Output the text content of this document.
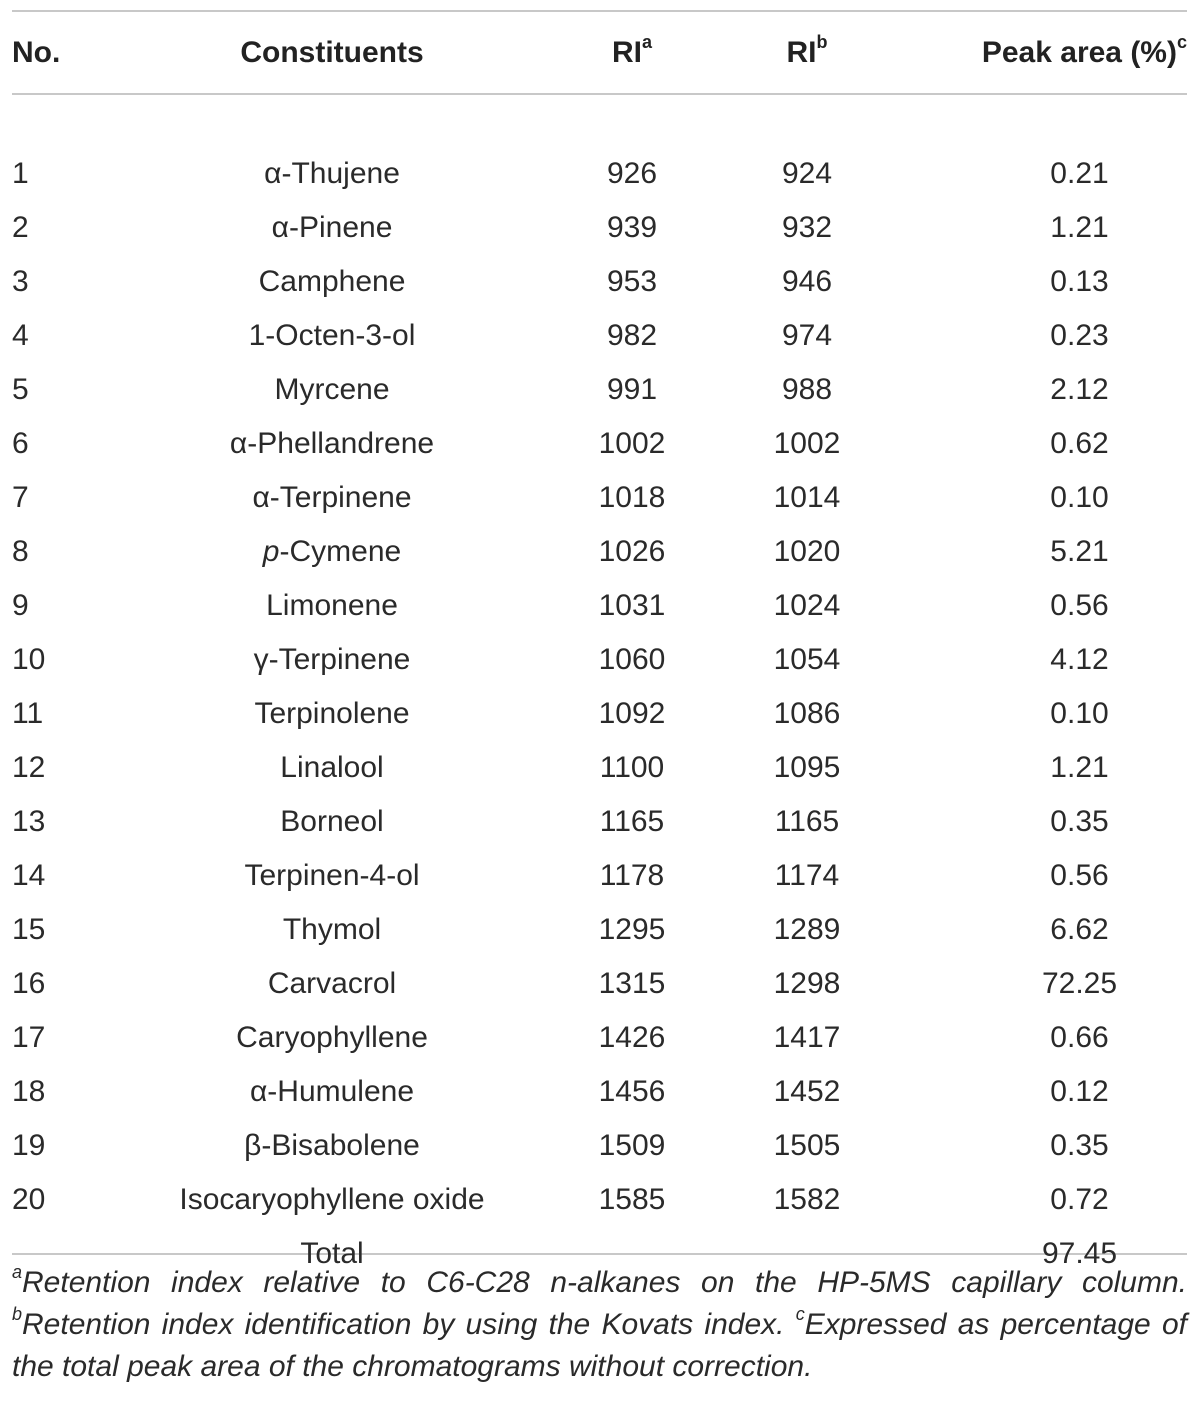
No.	Constituents	$RI^a$	$RI^b$	Peak area (%)$^c$

1	α-Thujene	926	924	0.21
2	α-Pinene	939	932	1.21
3	Camphene	953	946	0.13
4	1-Octen-3-ol	982	974	0.23
5	Myrcene	991	988	2.12
6	α-Phellandrene	1002	1002	0.62
7	α-Terpinene	1018	1014	0.10
8	p-Cymene	1026	1020	5.21
9	Limonene	1031	1024	0.56
10	γ-Terpinene	1060	1054	4.12
11	Terpinolene	1092	1086	0.10
12	Linalool	1100	1095	1.21
13	Borneol	1165	1165	0.35
14	Terpinen-4-ol	1178	1174	0.56
15	Thymol	1295	1289	6.62
16	Carvacrol	1315	1298	72.25
17	Caryophyllene	1426	1417	0.66
18	α-Humulene	1456	1452	0.12
19	β-Bisabolene	1509	1505	0.35
20	Isocaryophyllene oxide	1585	1582	0.72
	Total			97.45
$^a$Retention index relative to C6-C28 n-alkanes on the HP-5MS capillary column. $^b$Retention index identification by using the Kovats index. $^c$Expressed as percentage of the total peak area of the chromatograms without correction.
